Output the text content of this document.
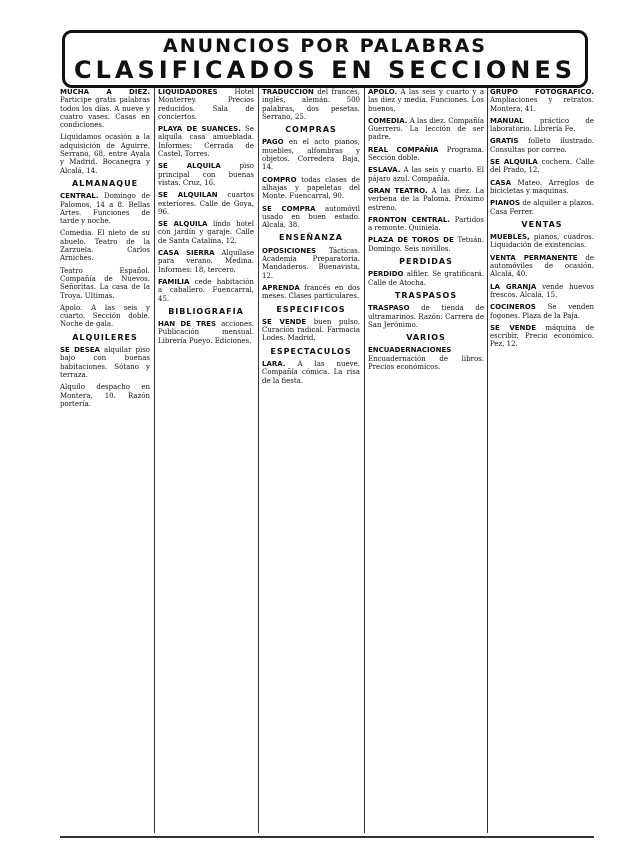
ANUNCIOS POR PALABRAS
CLASIFICADOS EN SECCIONES
MUCHA A DIEZ. Participe gratis palabras todos los días. A nueve y cuatro vases. Casas en condiciones.
Liquidamos ocasión a la adquisición de Aguirre. Serrano, 68, entre Ayala y Madrid. Bocanegra y Alcalá, 14.
ALMANAQUE
CENTRAL. Domingo de Palomos, 14 a 8. Bellas Artes. Funciones de tarde y noche.
Comedia. El nieto de su abuelo. Teatro de la Zarzuela. Carlos Arniches.
Teatro Español. Compañía de Nuevos. Señoritas. La casa de la Troya. Ultimas.
Apolo. A las seis y cuarto. Sección doble. Noche de gala.
ALQUILERES
SE DESEA alquilar piso bajo con buenas habitaciones. Sótano y terraza.
Alquilo despacho en Montera, 10. Razón portería.
LIQUIDADORES Hotel Monterrey. Precios reducidos. Sala de conciertos.
PLAYA DE SUANCES. Se alquila casa amueblada. Informes: Cerrada de Castel, Torres.
SE ALQUILA	piso principal con buenas vistas. Cruz, 16.
SE ALQUILAN cuartos exteriores. Calle de Goya, 96.
SE ALQUILA lindo hotel con jardín y garaje. Calle de Santa Catalina, 12.
CASA SIERRA Alquílase para verano. Medina. Informes: 18, tercero.
FAMILIA cede habitación a caballero. Fuencarral, 45.
BIBLIOGRAFIA
HAN DE TRES acciones. Publicación mensual. Librería Pueyo. Ediciones.
TRADUCCION del francés, inglés, alemán. 500 palabras, dos pesetas. Serrano, 25.
COMPRAS
PAGO en el acto pianos, muebles, alfombras y objetos. Corredera Baja, 14.
COMPRO todas clases de alhajas y papeletas del Monte. Fuencarral, 90.
SE COMPRA automóvil usado en buen estado. Alcalá, 38.
ENSEÑANZA
OPOSICIONES Tácticas. Academia Preparatoria. Mandaderos. Buenavista, 12.
APRENDA francés en dos meses. Clases particulares.
ESPECIFICOS
SE VENDE buen pulso. Curación radical. Farmacia Lodes. Madrid.
ESPECTACULOS
LARA. A las nueve. Compañía cómica. La risa de la fiesta.
APOLO. A las seis y cuarto y a las diez y media. Funciones. Los buenos.
COMEDIA. A las diez. Compañía Guerrero. La lección de ser padre.
REAL COMPAÑIA Programa. Sección doble.
ESLAVA. A las seis y cuarto. El pájaro azul. Compañía.
GRAN TEATRO. A las diez. La verbena de la Paloma. Próximo estreno.
FRONTON CENTRAL. Partidos a remonte. Quiniela.
PLAZA DE TOROS DE Tetuán. Domingo. Seis novillos.
PERDIDAS
PERDIDO alfiler. Se gratificará. Calle de Atocha.
TRASPASOS
TRASPASO de tienda de ultramarinos. Razón: Carrera de San Jerónimo.
VARIOS
ENCUADERNACIONES Encuadernación de libros. Precios económicos.
GRUPO FOTOGRAFICO. Ampliaciones y retratos. Montera, 41.
MANUAL práctico de laboratorio. Librería Fe.
GRATIS folleto ilustrado. Consultas por correo.
SE ALQUILA cochera. Calle del Prado, 12.
CASA Mateo. Arreglos de bicicletas y máquinas.
PIANOS de alquiler a plazos. Casa Ferrer.
VENTAS
MUEBLES, pianos, cuadros. Liquidación de existencias.
VENTA PERMANENTE de automóviles de ocasión. Alcalá, 40.
LA GRANJA vende huevos frescos. Alcalá, 15.
COCINEROS Se venden fogones. Plaza de la Paja.
SE VENDE máquina de escribir. Precio económico. Pez, 12.
